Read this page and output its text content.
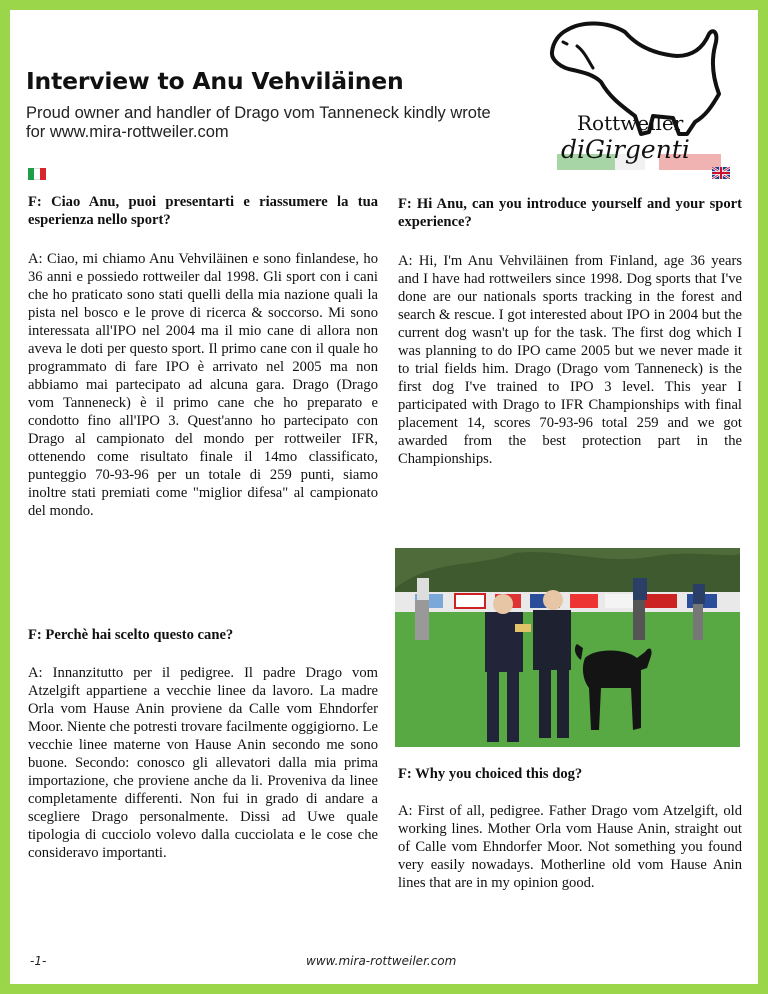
Interview to Anu Vehviläinen
Proud owner and handler of Drago vom Tanneneck kindly wrote for www.mira-rottweiler.com	Rottweiler
diGirgenti

F: Ciao Anu, puoi presentarti e riassumere la tua esperienza nello sport?

A: Ciao, mi chiamo Anu Vehviläinen e sono finlandese, ho 36 anni e possiedo rottweiler dal 1998. Gli sport con i cani che ho praticato sono stati quelli della mia nazione quali la pista nel bosco e le prove di ricerca & soccorso. Mi sono interessata all'IPO nel 2004 ma il mio cane di allora non aveva le doti per questo sport. Il primo cane con il quale ho programmato di fare IPO è arrivato nel 2005 ma non abbiamo mai partecipato ad alcuna gara. Drago (Drago vom Tanneneck) è il primo cane che ho preparato e condotto fino all'IPO 3. Quest'anno ho partecipato con Drago al campionato del mondo per rottweiler IFR, ottenendo come risultato finale il 14mo classificato, punteggio 70-93-96 per un totale di 259 punti, siamo inoltre stati premiati come "miglior difesa" al campionato del mondo.

F: Perchè hai scelto questo cane?

A: Innanzitutto per il pedigree. Il padre Drago vom Atzelgift appartiene a vecchie linee da lavoro. La madre Orla vom Hause Anin proviene da Calle vom Ehndorfer Moor. Niente che potresti trovare facilmente oggigiorno. Le vecchie linee materne von Hause Anin secondo me sono buone. Secondo: conosco gli allevatori dalla mia prima importazione, che proviene anche da li. Proveniva da linee completamente differenti. Non fui in grado di andare a scegliere Drago personalmente. Dissi ad Uwe quale tipologia di cucciolo volevo dalla cucciolata e le cose che consideravo importanti.

F: Hi Anu, can you introduce yourself and your sport experience?

A: Hi, I'm Anu Vehviläinen from Finland, age 36 years and I have had rottweilers since 1998. Dog sports that I've done are our nationals sports tracking in the forest and search & rescue. I got interested about IPO in 2004 but the current dog wasn't up for the task. The first dog which I was planning to do IPO came 2005 but we never made it to trial fields him. Drago (Drago vom Tanneneck) is the first dog I've trained to IPO 3 level. This year I participated with Drago to IFR Championships with final placement 14, scores 70-93-96 total 259 and we got awarded from the best protection part in the Championships.

F: Why you choiced this dog?

A: First of all, pedigree. Father Drago vom Atzelgift, old working lines. Mother Orla vom Hause Anin, straight out of Calle vom Ehndorfer Moor. Not something you found very easily nowadays. Motherline old vom Hause Anin lines that are in my opinion good.

-1-	www.mira-rottweiler.com
